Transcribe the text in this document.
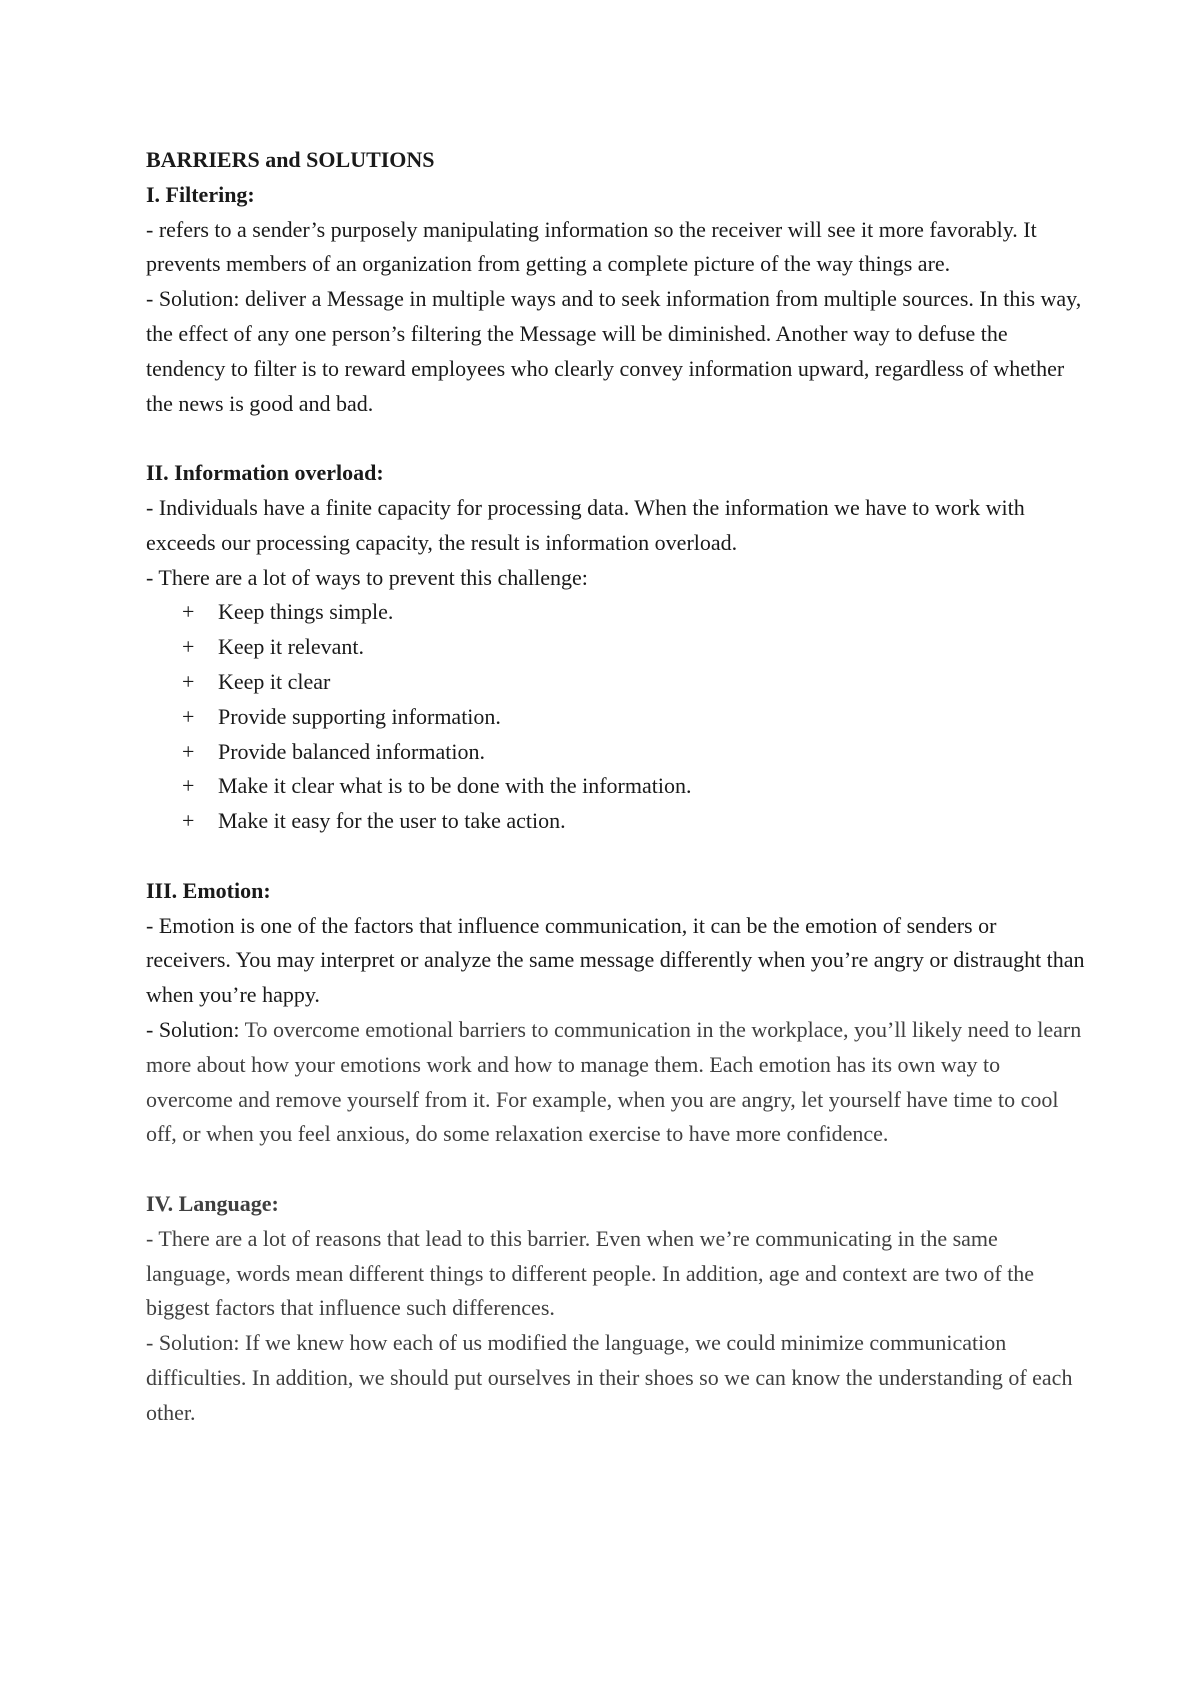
BARRIERS and SOLUTIONS
I. Filtering:

- refers to a sender’s purposely manipulating information so the receiver will see it more favorably. It prevents members of an organization from getting a complete picture of the way things are.

- Solution: deliver a Message in multiple ways and to seek information from multiple sources. In this way, the effect of any one person’s filtering the Message will be diminished. Another way to defuse the tendency to filter is to reward employees who clearly convey information upward, regardless of whether the news is good and bad.

II. Information overload:

- Individuals have a finite capacity for processing data. When the information we have to work with exceeds our processing capacity, the result is information overload.

- There are a lot of ways to prevent this challenge:

+	Keep things simple.
+	Keep it relevant.
+	Keep it clear
+	Provide supporting information.
+	Provide balanced information.
+	Make it clear what is to be done with the information.
+	Make it easy for the user to take action.
III. Emotion:

- Emotion is one of the factors that influence communication, it can be the emotion of senders or receivers. You may interpret or analyze the same message differently when you’re angry or distraught than when you’re happy.

- Solution: To overcome emotional barriers to communication in the workplace, you’ll likely need to learn more about how your emotions work and how to manage them. Each emotion has its own way to overcome and remove yourself from it. For example, when you are angry, let yourself have time to cool off, or when you feel anxious, do some relaxation exercise to have more confidence.

IV. Language:

- There are a lot of reasons that lead to this barrier. Even when we’re communicating in the same language, words mean different things to different people. In addition, age and context are two of the biggest factors that influence such differences.

- Solution: If we knew how each of us modified the language, we could minimize communication difficulties. In addition, we should put ourselves in their shoes so we can know the understanding of each other.
